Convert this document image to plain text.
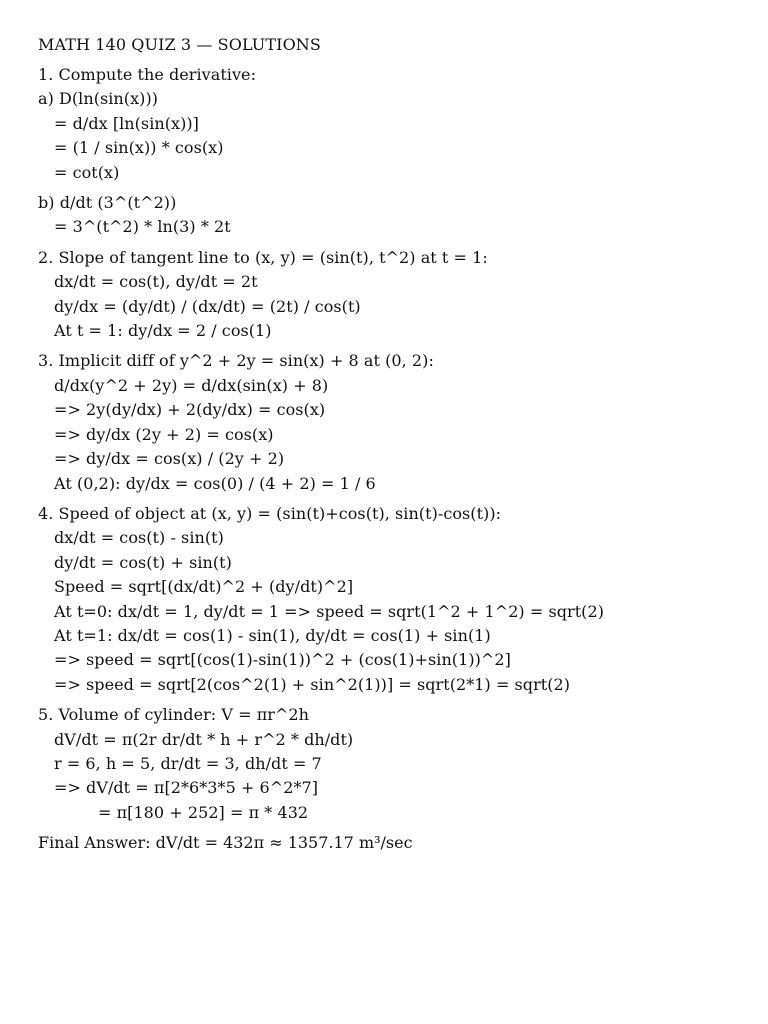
MATH 140 QUIZ 3 — SOLUTIONS
1. Compute the derivative:
a) D(ln(sin(x)))
= d/dx [ln(sin(x))]
= (1 / sin(x)) * cos(x)
= cot(x)
b) d/dt (3^(t^2))
= 3^(t^2) * ln(3) * 2t
2. Slope of tangent line to (x, y) = (sin(t), t^2) at t = 1:
dx/dt = cos(t), dy/dt = 2t
dy/dx = (dy/dt) / (dx/dt) = (2t) / cos(t)
At t = 1: dy/dx = 2 / cos(1)
3. Implicit diff of y^2 + 2y = sin(x) + 8 at (0, 2):
d/dx(y^2 + 2y) = d/dx(sin(x) + 8)
=> 2y(dy/dx) + 2(dy/dx) = cos(x)
=> dy/dx (2y + 2) = cos(x)
=> dy/dx = cos(x) / (2y + 2)
At (0,2): dy/dx = cos(0) / (4 + 2) = 1 / 6
4. Speed of object at (x, y) = (sin(t)+cos(t), sin(t)-cos(t)):
dx/dt = cos(t) - sin(t)
dy/dt = cos(t) + sin(t)
Speed = sqrt[(dx/dt)^2 + (dy/dt)^2]
At t=0: dx/dt = 1, dy/dt = 1 => speed = sqrt(1^2 + 1^2) = sqrt(2)
At t=1: dx/dt = cos(1) - sin(1), dy/dt = cos(1) + sin(1)
=> speed = sqrt[(cos(1)-sin(1))^2 + (cos(1)+sin(1))^2]
=> speed = sqrt[2(cos^2(1) + sin^2(1))] = sqrt(2*1) = sqrt(2)
5. Volume of cylinder: V = πr^2h
dV/dt = π(2r dr/dt * h + r^2 * dh/dt)
r = 6, h = 5, dr/dt = 3, dh/dt = 7
=> dV/dt = π[2*6*3*5 + 6^2*7]
= π[180 + 252] = π * 432
Final Answer: dV/dt = 432π ≈ 1357.17 m³/sec
